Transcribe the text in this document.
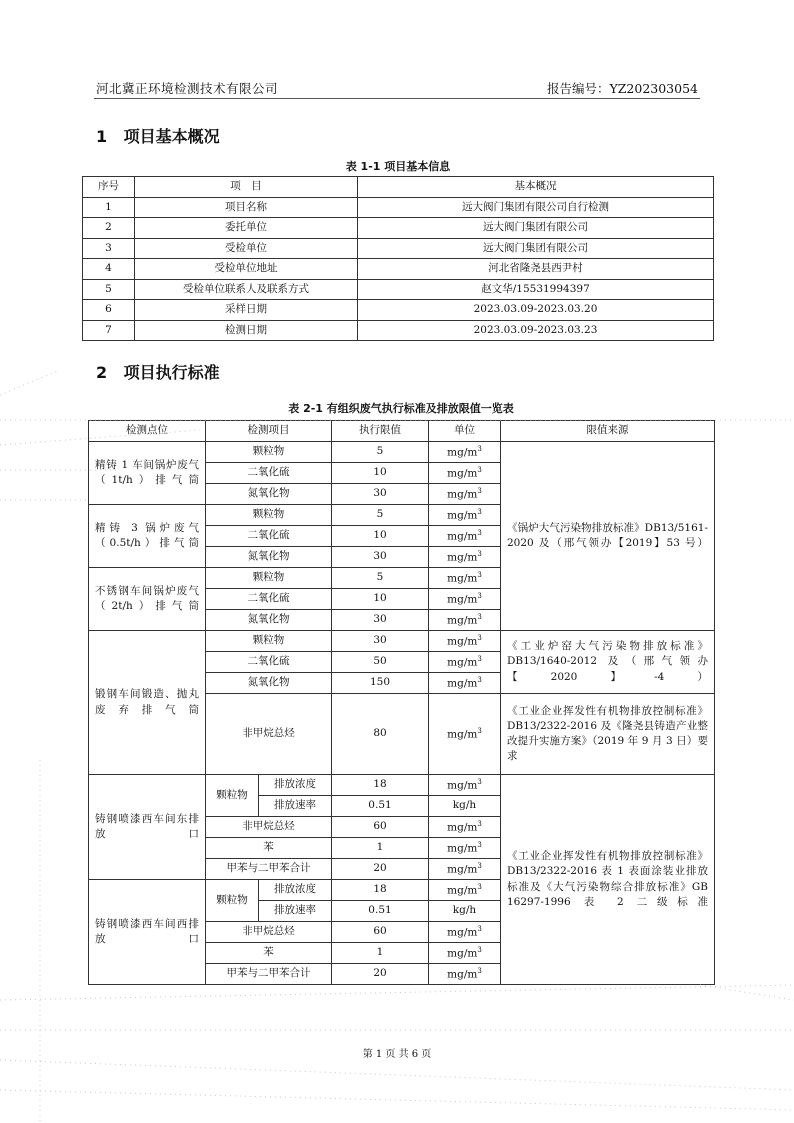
河北冀正环境检测技术有限公司	报告编号：YZ202303054
1 项目基本概况
表 1-1 项目基本信息
序号	项　目	基本概况
1	项目名称	远大阀门集团有限公司自行检测
2	委托单位	远大阀门集团有限公司
3	受检单位	远大阀门集团有限公司
4	受检单位地址	河北省隆尧县西尹村
5	受检单位联系人及联系方式	赵文华/15531994397
6	采样日期	2023.03.09-2023.03.20
7	检测日期	2023.03.09-2023.03.23
2 项目执行标准
表 2-1 有组织废气执行标准及排放限值一览表
检测点位	检测项目		执行限值	单位	限值来源
精铸 1 车间锅炉废气（1t/h）排气筒	颗粒物		5	$mg/m^3$	《锅炉大气污染物排放标准》DB13/5161-2020 及（邢气领办【2019】53 号）
	二氧化硫		10	$mg/m^3$
	氮氧化物		30	$mg/m^3$
精铸 3 锅炉废气（0.5t/h）排气筒	颗粒物		5	$mg/m^3$
	二氧化硫		10	$mg/m^3$
	氮氧化物		30	$mg/m^3$
不锈钢车间锅炉废气（2t/h）排气筒	颗粒物		5	$mg/m^3$
	二氧化硫		10	$mg/m^3$
	氮氧化物		30	$mg/m^3$
锻钢车间锻造、抛丸废弃排气筒	颗粒物		30	$mg/m^3$	《工业炉窑大气污染物排放标准》DB13/1640-2012 及（邢气领办【2020】-4）
	二氧化硫		50	$mg/m^3$
	氮氧化物		150	$mg/m^3$
	非甲烷总烃		80	$mg/m^3$	《工业企业挥发性有机物排放控制标准》DB13/2322-2016 及《隆尧县铸造产业整改提升实施方案》（2019 年 9 月 3 日）要求
铸钢喷漆西车间东排放口	颗粒物	排放浓度	18	$mg/m^3$	《工业企业挥发性有机物排放控制标准》DB13/2322-2016 表 1 表面涂装业排放标准及《大气污染物综合排放标准》GB 16297-1996 表 2 二级标准
		排放速率	0.51	kg/h	
	非甲烷总烃		60	$mg/m^3$
	苯		1	$mg/m^3$
	甲苯与二甲苯合计		20	$mg/m^3$
铸钢喷漆西车间西排放口	颗粒物	排放浓度	18	$mg/m^3$
		排放速率	0.51	kg/h	
	非甲烷总烃		60	$mg/m^3$
	苯		1	$mg/m^3$
	甲苯与二甲苯合计		20	$mg/m^3$
第 1 页 共 6 页
